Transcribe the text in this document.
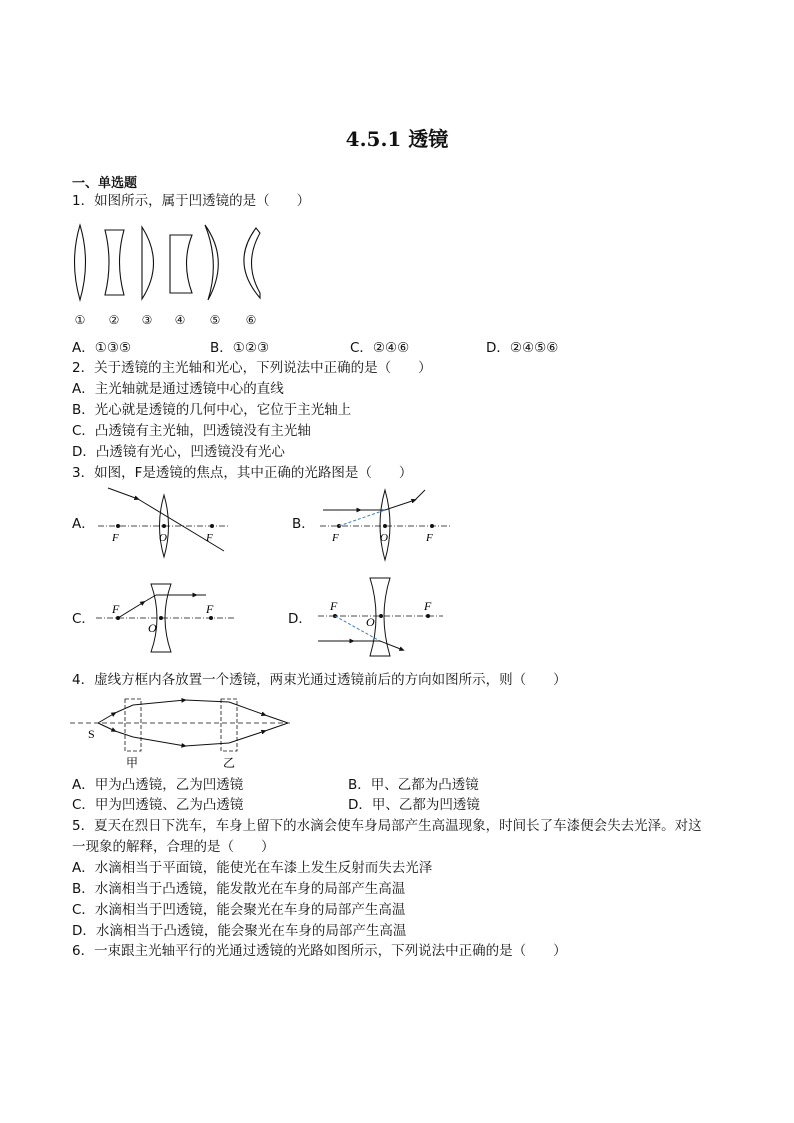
4.5.1 透镜
一、单选题
1．如图所示，属于凹透镜的是（　　）
① ② ③ ④ ⑤ ⑥
A．①③⑤	B．①②③	C．②④⑥	D．②④⑤⑥
2．关于透镜的主光轴和光心，下列说法中正确的是（　　）
A．主光轴就是通过透镜中心的直线
B．光心就是透镜的几何中心，它位于主光轴上
C．凸透镜有主光轴，凹透镜没有主光轴
D．凸透镜有光心，凹透镜没有光心
3．如图，F是透镜的焦点，其中正确的光路图是（　　）
A．	B．
C．	D．
F	O	F	F	O	F
F
O
F	F
O
F
4．虚线方框内各放置一个透镜，两束光通过透镜前后的方向如图所示，则（　　）
S
甲	乙
A．甲为凸透镜，乙为凹透镜	B．甲、乙都为凸透镜
C．甲为凹透镜、乙为凸透镜	D．甲、乙都为凹透镜
5．夏天在烈日下洗车，车身上留下的水滴会使车身局部产生高温现象，时间长了车漆便会失去光泽。对这
一现象的解释，合理的是（　　）
A．水滴相当于平面镜，能使光在车漆上发生反射而失去光泽
B．水滴相当于凸透镜，能发散光在车身的局部产生高温
C．水滴相当于凹透镜，能会聚光在车身的局部产生高温
D．水滴相当于凸透镜，能会聚光在车身的局部产生高温
6．一束跟主光轴平行的光通过透镜的光路如图所示，下列说法中正确的是（　　）
